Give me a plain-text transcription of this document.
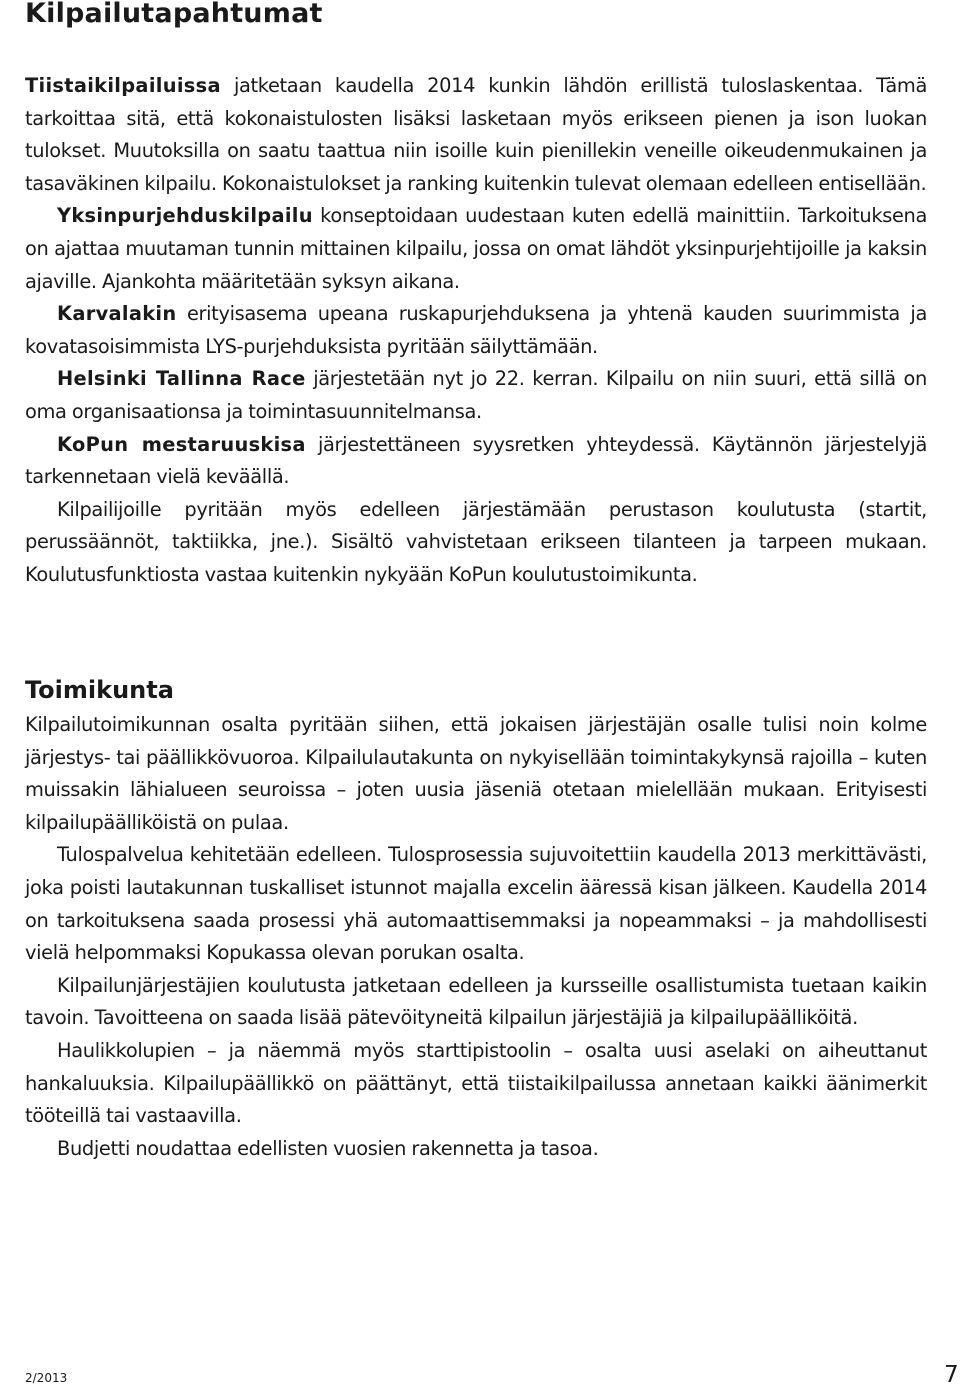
Kilpailutapahtumat

Tiistaikilpailuissa jatketaan kaudella 2014 kunkin lähdön erillistä tuloslaskentaa. Tämä tarkoittaa sitä, että kokonaistulosten lisäksi lasketaan myös erikseen pienen ja ison luokan tulokset. Muutoksilla on saatu taattua niin isoille kuin pienillekin veneille oikeudenmukainen ja tasaväkinen kilpailu. Kokonaistulokset ja ranking kuitenkin tulevat olemaan edelleen entisellään.

Yksinpurjehduskilpailu konseptoidaan uudestaan kuten edellä mainittiin. Tarkoituksena on ajattaa muutaman tunnin mittainen kilpailu, jossa on omat lähdöt yksinpurjehtijoille ja kaksin ajaville. Ajankohta määritetään syksyn aikana.

Karvalakin erityisasema upeana ruskapurjehduksena ja yhtenä kauden suurimmista ja kovatasoisimmista LYS-purjehduksista pyritään säilyttämään.

Helsinki Tallinna Race järjestetään nyt jo 22. kerran. Kilpailu on niin suuri, että sillä on oma organisaationsa ja toimintasuunnitelmansa.

KoPun mestaruuskisa järjestettäneen syysretken yhteydessä. Käytännön järjestelyjä tarkennetaan vielä keväällä.

Kilpailijoille pyritään myös edelleen järjestämään perustason koulutusta (startit, perussäännöt, taktiikka, jne.). Sisältö vahvistetaan erikseen tilanteen ja tarpeen mukaan. Koulutusfunktiosta vastaa kuitenkin nykyään KoPun koulutustoimikunta.

Toimikunta

Kilpailutoimikunnan osalta pyritään siihen, että jokaisen järjestäjän osalle tulisi noin kolme järjestys- tai päällikkövuoroa. Kilpailulautakunta on nykyisellään toimintakykynsä rajoilla – kuten muissakin lähialueen seuroissa – joten uusia jäseniä otetaan mielellään mukaan. Erityisesti kilpailupäälliköistä on pulaa.

Tulospalvelua kehitetään edelleen. Tulosprosessia sujuvoitettiin kaudella 2013 merkittävästi, joka poisti lautakunnan tuskalliset istunnot majalla excelin ääressä kisan jälkeen. Kaudella 2014 on tarkoituksena saada prosessi yhä automaattisemmaksi ja nopeammaksi – ja mahdollisesti vielä helpommaksi Kopukassa olevan porukan osalta.

Kilpailunjärjestäjien koulutusta jatketaan edelleen ja kursseille osallistumista tuetaan kaikin tavoin. Tavoitteena on saada lisää pätevöityneitä kilpailun järjestäjiä ja kilpailupäälliköitä.

Haulikkolupien – ja näemmä myös starttipistoolin – osalta uusi aselaki on aiheuttanut hankaluuksia. Kilpailupäällikkö on päättänyt, että tiistaikilpailussa annetaan kaikki äänimerkit tööteillä tai vastaavilla.

Budjetti noudattaa edellisten vuosien rakennetta ja tasoa.

2/2013	7
